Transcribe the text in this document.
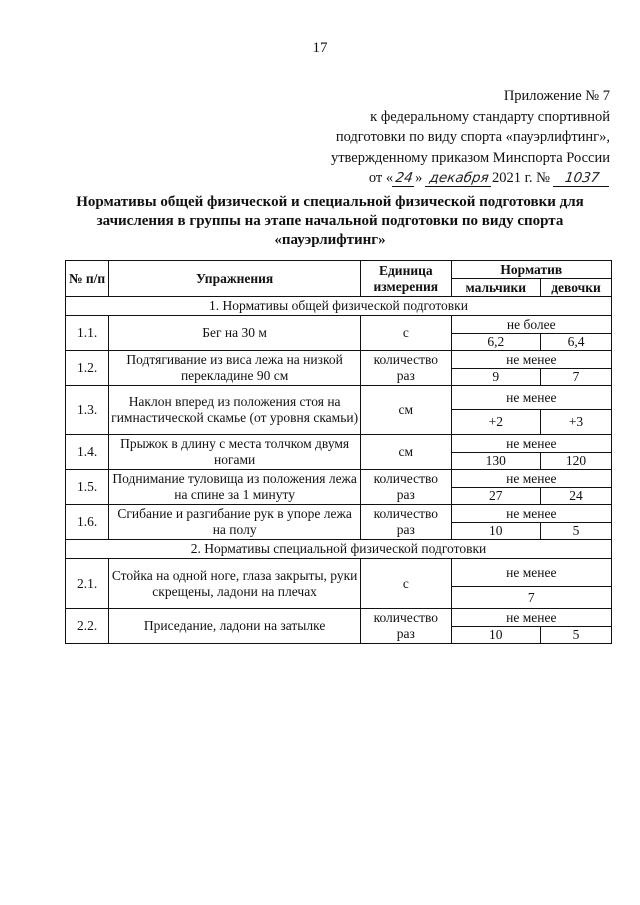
17
Приложение № 7
к федеральному стандарту спортивной
подготовки по виду спорта «пауэрлифтинг»,
утвержденному приказом Минспорта России
от «24» декабря 2021 г. № 1037
Нормативы общей физической и специальной физической подготовки для зачисления в группы на этапе начальной подготовки по виду спорта «пауэрлифтинг»
№ п/п	Упражнения	Единица измерения	Норматив	
			мальчики	девочки
1. Нормативы общей физической подготовки				
1.1.	Бег на 30 м	с	не более	
			6,2	6,4
1.2.	Подтягивание из виса лежа на низкой перекладине 90 см	количество раз	не менее	
			9	7
1.3.	Наклон вперед из положения стоя на гимнастической скамье (от уровня скамьи)	см	не менее	
			+2	+3
1.4.	Прыжок в длину с места толчком двумя ногами	см	не менее	
			130	120
1.5.	Поднимание туловища из положения лежа на спине за 1 минуту	количество раз	не менее	
			27	24
1.6.	Сгибание и разгибание рук в упоре лежа на полу	количество раз	не менее	
			10	5
2. Нормативы специальной физической подготовки				
2.1.	Стойка на одной ноге, глаза закрыты, руки скрещены, ладони на плечах	с	не менее	
			7	
2.2.	Приседание, ладони на затылке	количество раз	не менее	
			10	5
